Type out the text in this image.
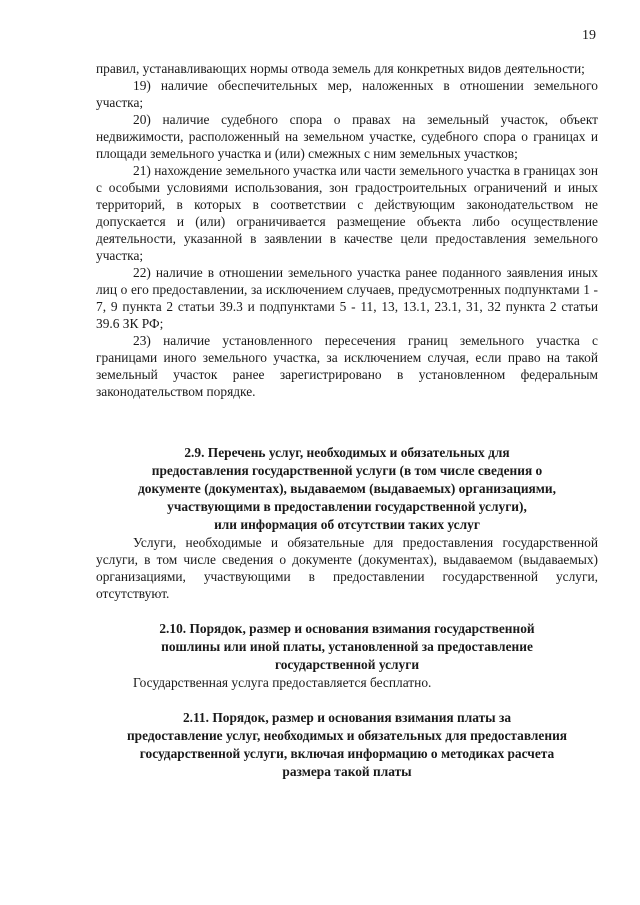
19

правил, устанавливающих нормы отвода земель для конкретных видов деятельности;

19) наличие обеспечительных мер, наложенных в отношении земельного участка;

20) наличие судебного спора о правах на земельный участок, объект недвижимости, расположенный на земельном участке, судебного спора о границах и площади земельного участка и (или) смежных с ним земельных участков;

21) нахождение земельного участка или части земельного участка в границах зон с особыми условиями использования, зон градостроительных ограничений и иных территорий, в которых в соответствии с действующим законодательством не допускается и (или) ограничивается размещение объекта либо осуществление деятельности, указанной в заявлении в качестве цели предоставления земельного участка;

22) наличие в отношении земельного участка ранее поданного заявления иных лиц о его предоставлении, за исключением случаев, предусмотренных подпунктами 1 - 7, 9 пункта 2 статьи 39.3 и подпунктами 5 - 11, 13, 13.1, 23.1, 31, 32 пункта 2 статьи 39.6 ЗК РФ;

23) наличие установленного пересечения границ земельного участка с границами иного земельного участка, за исключением случая, если право на такой земельный участок ранее зарегистрировано в установленном федеральным законодательством порядке.

2.9. Перечень услуг, необходимых и обязательных для
предоставления государственной услуги (в том числе сведения о
документе (документах), выдаваемом (выдаваемых) организациями,
участвующими в предоставлении государственной услуги),
или информация об отсутствии таких услуг

Услуги, необходимые и обязательные для предоставления государственной услуги, в том числе сведения о документе (документах), выдаваемом (выдаваемых) организациями, участвующими в предоставлении государственной услуги, отсутствуют.

2.10. Порядок, размер и основания взимания государственной
пошлины или иной платы, установленной за предоставление
государственной услуги

Государственная услуга предоставляется бесплатно.

2.11. Порядок, размер и основания взимания платы за
предоставление услуг, необходимых и обязательных для предоставления
государственной услуги, включая информацию о методиках расчета
размера такой платы
